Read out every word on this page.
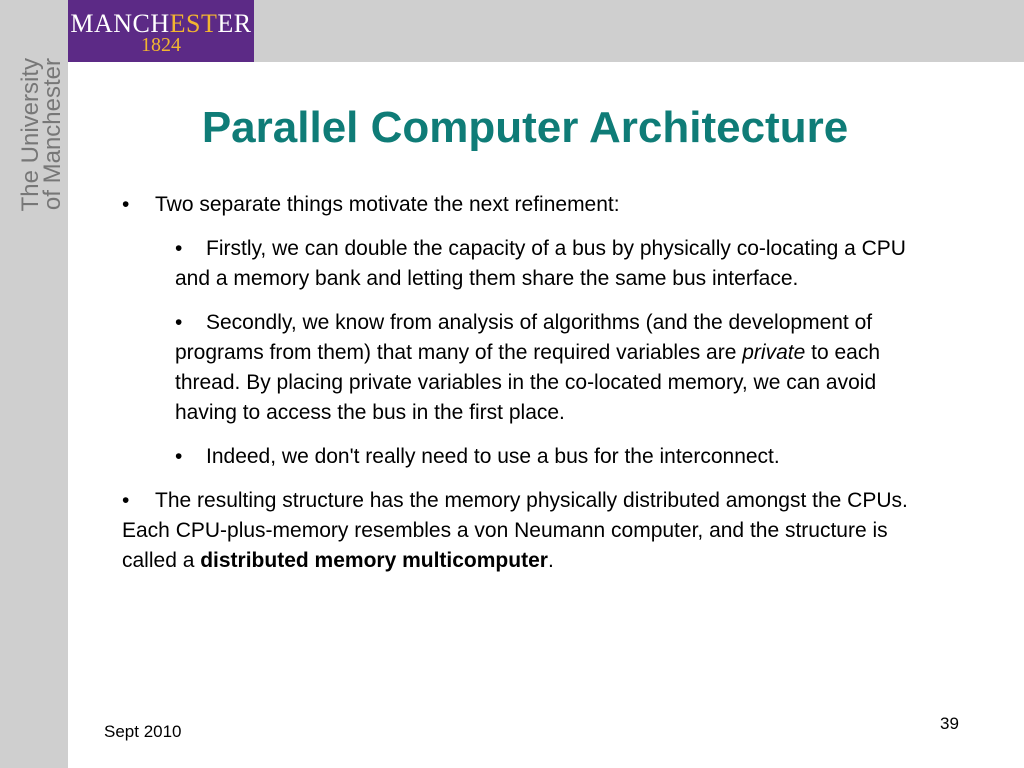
MANCHESTER
1824
The University
of Manchester	Parallel Computer Architecture

• Two separate things motivate the next refinement:

• Firstly, we can double the capacity of a bus by physically co-locating a CPU and a memory bank and letting them share the same bus interface.

• Secondly, we know from analysis of algorithms (and the development of programs from them) that many of the required variables are private to each thread. By placing private variables in the co-located memory, we can avoid having to access the bus in the first place.

• Indeed, we don't really need to use a bus for the interconnect.

• The resulting structure has the memory physically distributed amongst the CPUs. Each CPU-plus-memory resembles a von Neumann computer, and the structure is called a distributed memory multicomputer.

Sept 2010	39
